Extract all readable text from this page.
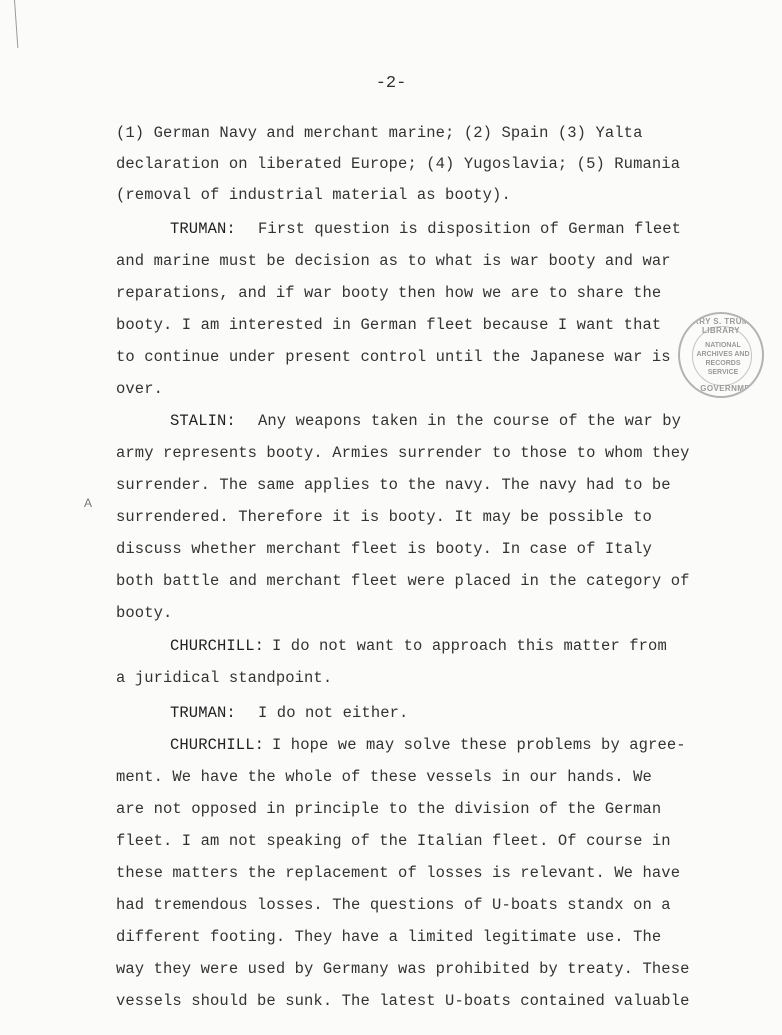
-2-
(1) German Navy and merchant marine; (2) Spain (3) Yalta
declaration on liberated Europe; (4) Yugoslavia; (5) Rumania
(removal of industrial material as booty).
TRUMAN: First question is disposition of German fleet
and marine must be decision as to what is war booty and war
reparations, and if war booty then how we are to share the
booty. I am interested in German fleet because I want that
to continue under present control until the Japanese war is
over.
STALIN: Any weapons taken in the course of the war by
army represents booty. Armies surrender to those to whom they
surrender. The same applies to the navy. The navy had to be
surrendered. Therefore it is booty. It may be possible to
discuss whether merchant fleet is booty. In case of Italy
both battle and merchant fleet were placed in the category of
booty.
CHURCHILL: I do not want to approach this matter from
a juridical standpoint.
TRUMAN: I do not either.
CHURCHILL: I hope we may solve these problems by agree-
ment. We have the whole of these vessels in our hands. We
are not opposed in principle to the division of the German
fleet. I am not speaking of the Italian fleet. Of course in
these matters the replacement of losses is relevant. We have
had tremendous losses. The questions of U-boats standx on a
different footing. They have a limited legitimate use. The
way they were used by Germany was prohibited by treaty. These
vessels should be sunk. The latest U-boats contained valuable
HARRY S. TRUMAN LIBRARY
NATIONAL ARCHIVES AND RECORDS SERVICE
U.S. GOVERNMENT
A
